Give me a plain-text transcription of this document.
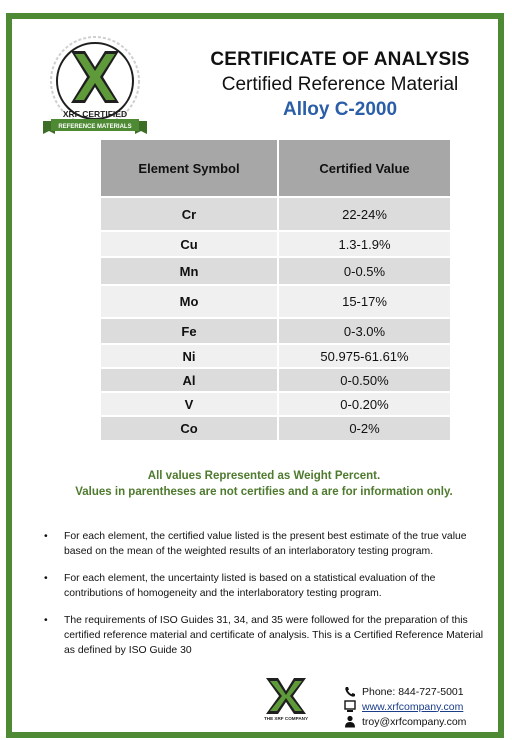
XRF CERTIFIED
REFERENCE MATERIALS
CERTIFICATE OF ANALYSIS
Certified Reference Material
Alloy C-2000
Element Symbol	Certified Value
Cr	22-24%
Cu	1.3-1.9%
Mn	0-0.5%
Mo	15-17%
Fe	0-3.0%
Ni	50.975-61.61%
Al	0-0.50%
V	0-0.20%
Co	0-2%
All values Represented as Weight Percent.
Values in parentheses are not certifies and a are for information only.
• For each element, the certified value listed is the present best estimate of the true value based on the mean of the weighted results of an interlaboratory testing program.
• For each element, the uncertainty listed is based on a statistical evaluation of the contributions of homogeneity and the interlaboratory testing program.
• The requirements of ISO Guides 31, 34, and 35 were followed for the preparation of this certified reference material and certificate of analysis. This is a Certified Reference Material as defined by ISO Guide 30
THE XRF COMPANY
Phone: 844-727-5001
www.xrfcompany.com
troy@xrfcompany.com
